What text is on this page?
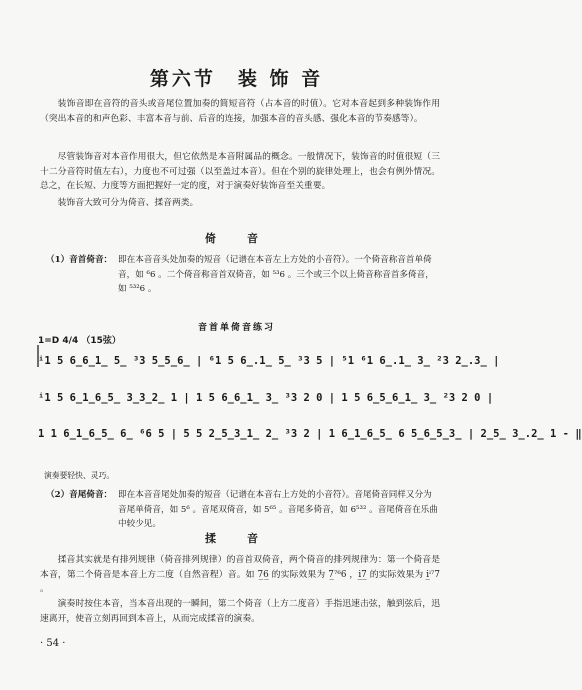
第六节　装 饰 音

装饰音即在音符的音头或音尾位置加奏的简短音符（占本音的时值）。它对本音起到多种装饰作用（突出本音的和声色彩、丰富本音与前、后音的连接，加强本音的音头感、强化本音的节奏感等）。

尽管装饰音对本音作用很大，但它依然是本音附属品的概念。一般情况下，装饰音的时值很短（三十二分音符时值左右），力度也不可过强（以至盖过本音）。但在个别的旋律处理上，也会有例外情况。总之，在长短、力度等方面把握好一定的度，对于演奏好装饰音至关重要。

装饰音大致可分为倚音、揉音两类。

倚　音
（1）音首倚音： 即在本音音头处加奏的短音（记谱在本音左上方处的小音符）。一个倚音称音首单倚音，如 ⁶6 。二个倚音称音首双倚音，如 ⁵³6 。三个或三个以上倚音称音首多倚音，如 ⁵³²6 。
音首单倚音练习
1=D 4/4 （15弦）
ⁱ1 5 6̲6̲1̲ 5̲ ³3 5̲5̲6̲ | ⁶1 5 6̲.1̲ 5̲ ³3 5 | ⁵1 ⁶1 6̲.1̲ 3̲ ²3 2̲.3̲ |
ⁱ1 5 6̲1̲6̲5̲ 3̲3̲2̲ 1 | 1 5 6̲6̲1̲ 3̲ ³3 2 0 | 1 5 6̲5̲6̲1̲ 3̲ ²3 2 0 |
1 1 6̲1̲6̲5̲ 6̲ ⁶6 5 | 5 5 2̲5̲3̲1̲ 2̲ ³3 2 | 1 6̲1̲6̲5̲ 6 5̲6̲5̲3̲ | 2̲5̲ 3̲.2̲ 1 - ‖
演奏要轻快、灵巧。
（2）音尾倚音： 即在本音音尾处加奏的短音（记谱在本音右上方处的小音符）。音尾倚音同样又分为音尾单倚音，如 5⁶ 。音尾双倚音，如 5⁶⁵ 。音尾多倚音，如 6⁵³² 。音尾倚音在乐曲中较少见。
揉　音

揉音其实就是有排列规律（倚音排列规律）的音首双倚音，两个倚音的排列规律为：第一个倚音是本音，第二个倚音是本音上方二度（自然音程）音。如 7̲6̲ 的实际效果为 7̲⁷⁶6 ，i̲7̲ 的实际效果为 i̲ⁱ⁷7 。

演奏时按住本音，当本音出现的一瞬间，第二个倚音（上方二度音）手指迅速击弦，触到弦后，迅速离开，使音立刻再回到本音上，从而完成揉音的演奏。

· 54 ·
